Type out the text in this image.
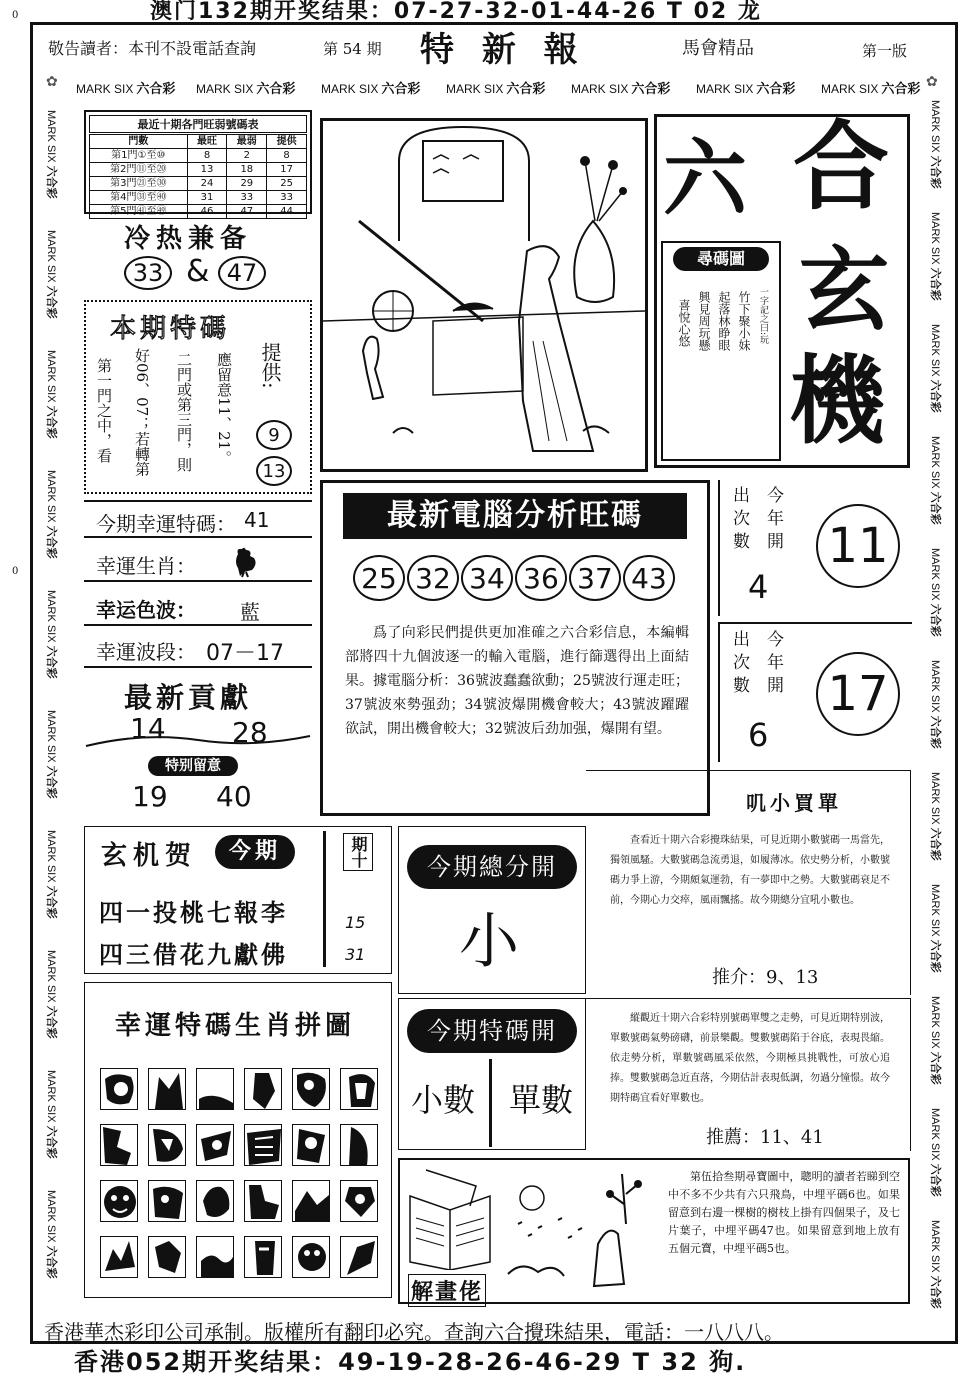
澳门132期开奖结果：07-27-32-01-44-26 T 02 龙
0
0
敬告讀者：本刊不設電話查詢	第 54 期 特 新 報	馬會精品	第一版
MARK SIX 六合彩 MARK SIX 六合彩 MARK SIX 六合彩 MARK SIX 六合彩 MARK SIX 六合彩 MARK SIX 六合彩 MARK SIX 六合彩
✿	✿
MARK SIX 六合彩
MARK SIX 六合彩
MARK SIX 六合彩
MARK SIX 六合彩
MARK SIX 六合彩
MARK SIX 六合彩
MARK SIX 六合彩
MARK SIX 六合彩
MARK SIX 六合彩
MARK SIX 六合彩
MARK SIX 六合彩
MARK SIX 六合彩
MARK SIX 六合彩
MARK SIX 六合彩
MARK SIX 六合彩
MARK SIX 六合彩
MARK SIX 六合彩
MARK SIX 六合彩
MARK SIX 六合彩
MARK SIX 六合彩
MARK SIX 六合彩
最近十期各門旺弱號碼表
門數	最旺	最弱	提供
第1門①至⑩	8	2	8
第2門⑪至⑳	13	18	17
第3門㉑至㉚	24	29	25
第4門㉛至㊵	31	33	33
第5門㊶至㊾	46	47	44
冷热兼备
33 & 47
本期特碼
第一門之中，看 好06、07；若轉第 二門或第三門，則 應留意11、21。 提供:
9
13
今期幸運特碼： 41
幸運生肖：
幸运色波： 藍
幸運波段： 07－17
最新貢獻
14 28
特别留意
19 40
玄机贺	今期
四一投桃七報李
四三借花九獻佛
期十
15
31
幸運特碼生肖拼圖
六 合
玄
機
尋碼圖
一字記之曰:玩
竹下聚小妹
起落林睁眼
興見周玩懸
喜悅心悠
最新電腦分析旺碼
25 32 34 36 37 43
爲了向彩民們提供更加准確之六合彩信息，本編輯部將四十九個波逐一的輸入電腦，進行篩選得出上面結果。據電腦分析：36號波蠢蠢欲動；25號波行運走旺；37號波來勢强劲；34號波爆開機會較大；43號波躍躍欲試，開出機會較大；32號波后劲加强，爆開有望。
出次數 今年開
4
11
出次數 今年開
6
17
今期總分開
小
叽小買單
查看近十期六合彩攪珠結果，可見近期小數號碼一馬當先，獨領風騷。大數號碼急流勇退，如履薄冰。依史勢分析，小數號碼力爭上游，今期頗氣運勃，有一夢即中之勢。大數號碼衰足不前，今期心力交瘁，風雨飄搖。故今期總分宜吼小數也。
推介：9、13
今期特碼開
小數 單數
縱觀近十期六合彩特別號碼單雙之走勢，可見近期特別波，單數號碼氣勢磅礴，前景樂觀。雙數號碼陷于谷底，表現畏縮。依走勢分析，單數號碼風采依然，今期極具挑戰性，可放心追捧。雙數號碼急近直落，今期估計表現低調，勿過分憧憬。故今期特碼宜看好單數也。
推薦：11、41
解畫佬
第伍拾叁期尋寶圖中，聰明的讀者若睇到空中不多不少共有六只飛鳥，中埋平碼6也。如果留意到右邊一棵樹的樹枝上掛有四個果子，及七片葉子，中埋平碼47也。如果留意到地上放有五個元寶，中埋平碼5也。
香港華杰彩印公司承制。版權所有翻印必究。查詢六合攪珠結果，電話：一八八八。
香港052期开奖结果：49-19-28-26-46-29 T 32 狗.
